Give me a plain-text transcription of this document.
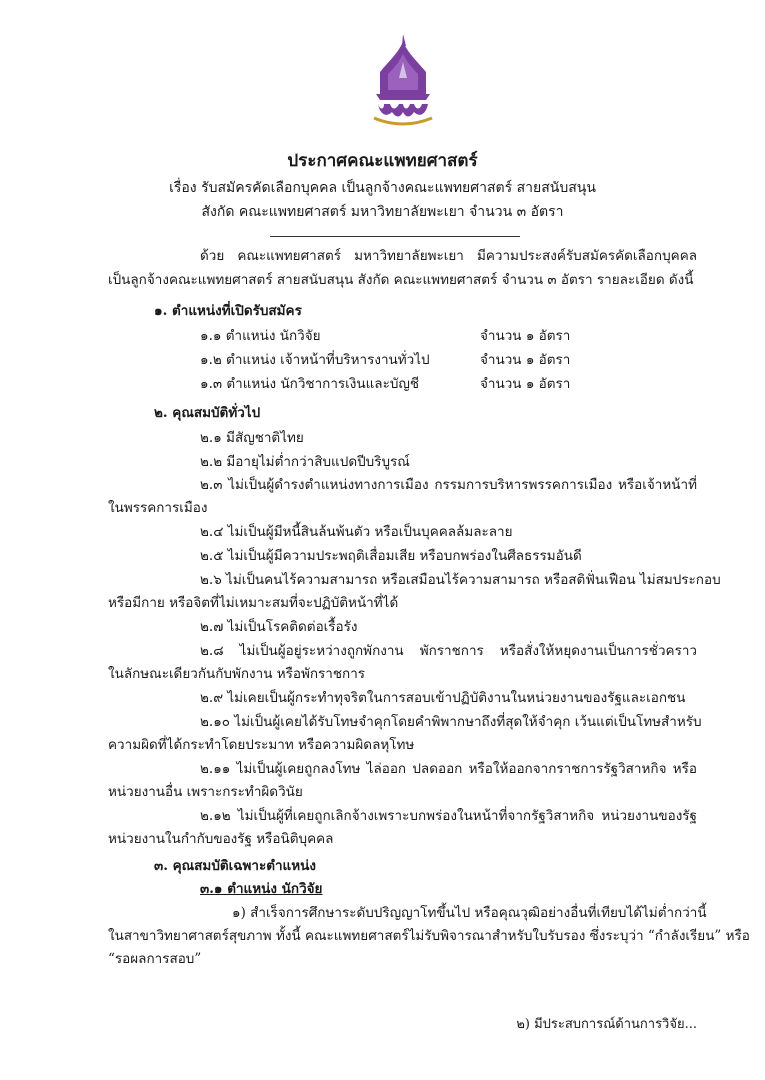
ประกาศคณะแพทยศาสตร์
เรื่อง รับสมัครคัดเลือกบุคคล เป็นลูกจ้างคณะแพทยศาสตร์ สายสนับสนุน
สังกัด คณะแพทยศาสตร์ มหาวิทยาลัยพะเยา จำนวน ๓ อัตรา
ด้วย คณะแพทยศาสตร์ มหาวิทยาลัยพะเยา มีความประสงค์รับสมัครคัดเลือกบุคคล
เป็นลูกจ้างคณะแพทยศาสตร์ สายสนับสนุน สังกัด คณะแพทยศาสตร์ จำนวน ๓ อัตรา รายละเอียด ดังนี้
๑. ตำแหน่งที่เปิดรับสมัคร
๑.๑ ตำแหน่ง นักวิจัย	จำนวน ๑ อัตรา
๑.๒ ตำแหน่ง เจ้าหน้าที่บริหารงานทั่วไป	จำนวน ๑ อัตรา
๑.๓ ตำแหน่ง นักวิชาการเงินและบัญชี	จำนวน ๑ อัตรา
๒. คุณสมบัติทั่วไป
๒.๑ มีสัญชาติไทย
๒.๒ มีอายุไม่ต่ำกว่าสิบแปดปีบริบูรณ์
๒.๓ ไม่เป็นผู้ดำรงตำแหน่งทางการเมือง กรรมการบริหารพรรคการเมือง หรือเจ้าหน้าที่
ในพรรคการเมือง
๒.๔ ไม่เป็นผู้มีหนี้สินล้นพ้นตัว หรือเป็นบุคคลล้มละลาย
๒.๕ ไม่เป็นผู้มีความประพฤติเสื่อมเสีย หรือบกพร่องในศีลธรรมอันดี
๒.๖ ไม่เป็นคนไร้ความสามารถ หรือเสมือนไร้ความสามารถ หรือสติฟั่นเฟือน ไม่สมประกอบ
หรือมีกาย หรือจิตที่ไม่เหมาะสมที่จะปฏิบัติหน้าที่ได้
๒.๗ ไม่เป็นโรคติดต่อเรื้อรัง
๒.๘ ไม่เป็นผู้อยู่ระหว่างถูกพักงาน พักราชการ หรือสั่งให้หยุดงานเป็นการชั่วคราว
ในลักษณะเดียวกันกับพักงาน หรือพักราชการ
๒.๙ ไม่เคยเป็นผู้กระทำทุจริตในการสอบเข้าปฏิบัติงานในหน่วยงานของรัฐและเอกชน
๒.๑๐ ไม่เป็นผู้เคยได้รับโทษจำคุกโดยคำพิพากษาถึงที่สุดให้จำคุก เว้นแต่เป็นโทษสำหรับ
ความผิดที่ได้กระทำโดยประมาท หรือความผิดลหุโทษ
๒.๑๑ ไม่เป็นผู้เคยถูกลงโทษ ไล่ออก ปลดออก หรือให้ออกจากราชการรัฐวิสาหกิจ หรือ
หน่วยงานอื่น เพราะกระทำผิดวินัย
๒.๑๒ ไม่เป็นผู้ที่เคยถูกเลิกจ้างเพราะบกพร่องในหน้าที่จากรัฐวิสาหกิจ หน่วยงานของรัฐ
หน่วยงานในกำกับของรัฐ หรือนิติบุคคล
๓. คุณสมบัติเฉพาะตำแหน่ง
๓.๑ ตำแหน่ง นักวิจัย
๑) สำเร็จการศึกษาระดับปริญญาโทขึ้นไป หรือคุณวุฒิอย่างอื่นที่เทียบได้ไม่ต่ำกว่านี้
ในสาขาวิทยาศาสตร์สุขภาพ ทั้งนี้ คณะแพทยศาสตร์ไม่รับพิจารณาสำหรับใบรับรอง ซึ่งระบุว่า “กำลังเรียน” หรือ
“รอผลการสอบ”
๒) มีประสบการณ์ด้านการวิจัย...
